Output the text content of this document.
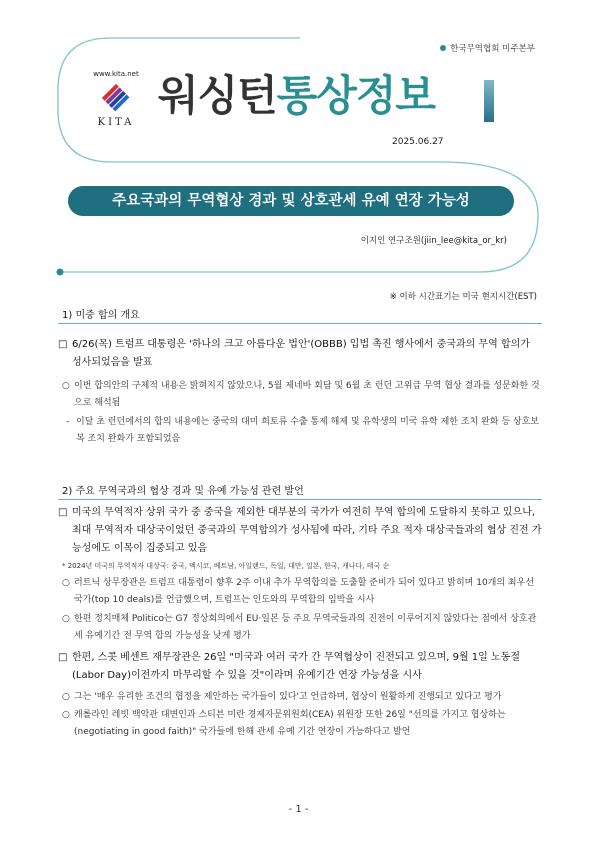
한국무역협회 미주본부
www.kita.net
KITA
워싱턴통상정보
2025.06.27
주요국과의 무역협상 경과 및 상호관세 유예 연장 가능성
이지인 연구조원(jiin_lee@kita_or_kr)
※ 이하 시간표기는 미국 현지시간(EST)
1) 미중 합의 개요
□ 6/26(목) 트럼프 대통령은 '하나의 크고 아름다운 법안'(OBBB) 입법 촉진 행사에서 중국과의 무역 합의가 성사되었음을 발표
○ 이번 합의안의 구체적 내용은 밝혀지지 않았으나, 5월 제네바 회담 및 6월 초 런던 고위급 무역 협상 결과를 성문화한 것으로 해석됨
- 이달 초 런던에서의 합의 내용에는 중국의 대미 희토류 수출 통제 해제 및 유학생의 미국 유학 제한 조치 완화 등 상호보복 조치 완화가 포함되었음
2) 주요 무역국과의 협상 경과 및 유예 가능성 관련 발언
□ 미국의 무역적자 상위 국가 중 중국을 제외한 대부분의 국가가 여전히 무역 합의에 도달하지 못하고 있으나, 최대 무역적자 대상국이었던 중국과의 무역합의가 성사됨에 따라, 기타 주요 적자 대상국들과의 협상 진전 가능성에도 이목이 집중되고 있음
* 2024년 미국의 무역적자 대상국: 중국, 멕시코, 베트남, 아일랜드, 독일, 대만, 일본, 한국, 캐나다, 태국 순
○ 러트닉 상무장관은 트럼프 대통령이 향후 2주 이내 추가 무역합의를 도출할 준비가 되어 있다고 밝히며 10개의 최우선국가(top 10 deals)를 언급했으며, 트럼프는 인도와의 무역합의 임박을 시사
○ 한편 정치매체 Politico는 G7 정상회의에서 EU·일본 등 주요 무역국들과의 진전이 이루어지지 않았다는 점에서 상호관세 유예기간 전 무역 합의 가능성을 낮게 평가
□ 한편, 스콧 베센트 재무장관은 26일 "미국과 여러 국가 간 무역협상이 진전되고 있으며, 9월 1일 노동절(Labor Day)이전까지 마무리할 수 있을 것"이라며 유예기간 연장 가능성을 시사
○ 그는 '매우 유리한 조건의 협정을 제안하는 국가들이 있다'고 언급하며, 협상이 원활하게 진행되고 있다고 평가
○ 캐롤라인 레빗 백악관 대변인과 스티븐 미란 경제자문위원회(CEA) 위원장 또한 26일 "선의를 가지고 협상하는(negotiating in good faith)" 국가들에 한해 관세 유예 기간 연장이 가능하다고 발언
- 1 -
